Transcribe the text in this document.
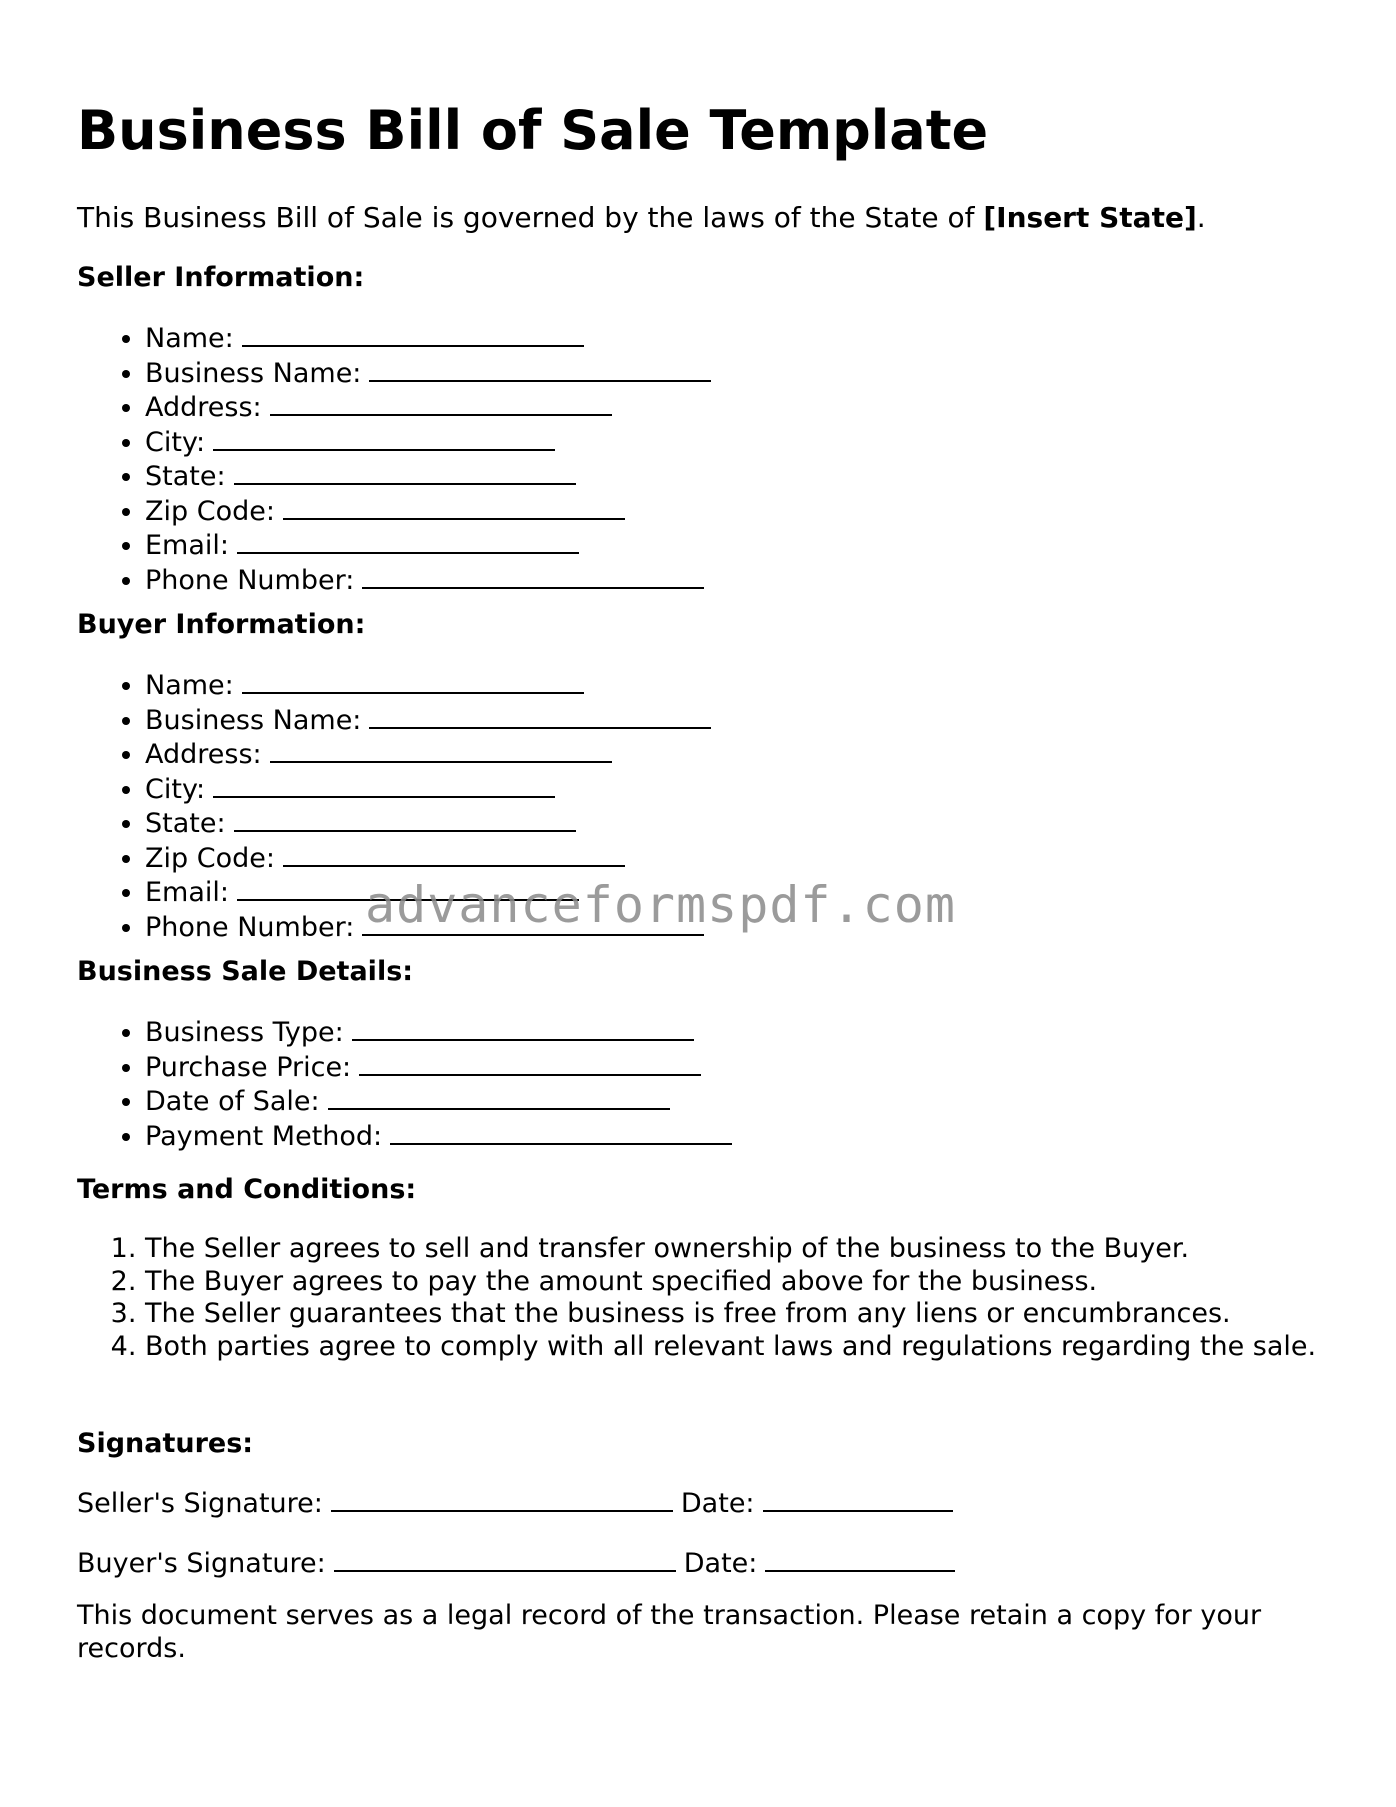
Business Bill of Sale Template
This Business Bill of Sale is governed by the laws of the State of [Insert State].
Seller Information:
• Name:
• Business Name:
• Address:
• City:
• State:
• Zip Code:
• Email:
• Phone Number:
Buyer Information:
• Name:
• Business Name:
• Address:
• City:
• State:
• Zip Code:
• Email:
• Phone Number:
Business Sale Details:
• Business Type:
• Purchase Price:
• Date of Sale:
• Payment Method:
Terms and Conditions:
1. The Seller agrees to sell and transfer ownership of the business to the Buyer.
2. The Buyer agrees to pay the amount specified above for the business.
3. The Seller guarantees that the business is free from any liens or encumbrances.
4. Both parties agree to comply with all relevant laws and regulations regarding the sale.
Signatures:
Seller's Signature:	Date:
Buyer's Signature:	Date:
This document serves as a legal record of the transaction. Please retain a copy for your records.
advanceformspdf.com
